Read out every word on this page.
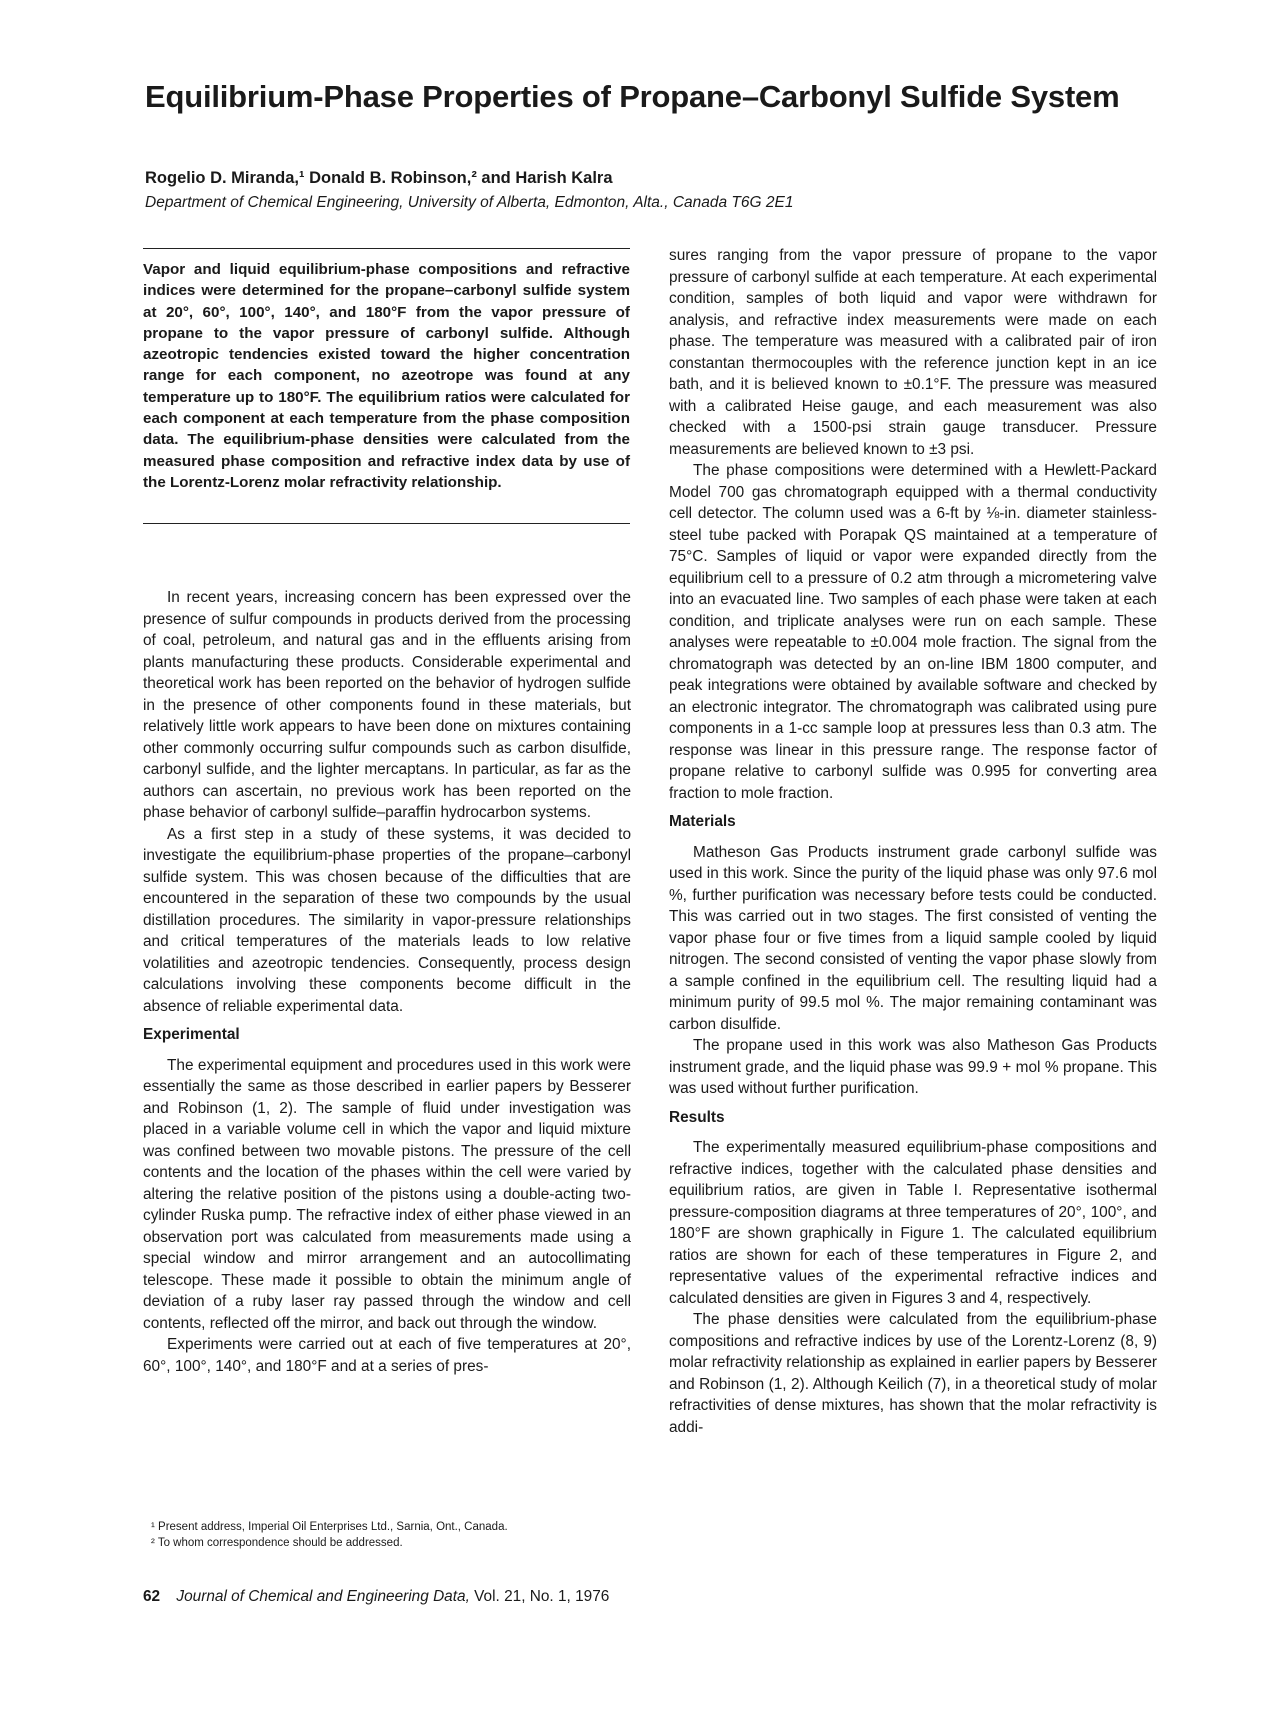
Equilibrium-Phase Properties of Propane–Carbonyl Sulfide System
Rogelio D. Miranda,¹ Donald B. Robinson,² and Harish Kalra
Department of Chemical Engineering, University of Alberta, Edmonton, Alta., Canada T6G 2E1
Vapor and liquid equilibrium-phase compositions and refractive indices were determined for the propane–carbonyl sulfide system at 20°, 60°, 100°, 140°, and 180°F from the vapor pressure of propane to the vapor pressure of carbonyl sulfide. Although azeotropic tendencies existed toward the higher concentration range for each component, no azeotrope was found at any temperature up to 180°F. The equilibrium ratios were calculated for each component at each temperature from the phase composition data. The equilibrium-phase densities were calculated from the measured phase composition and refractive index data by use of the Lorentz-Lorenz molar refractivity relationship.

In recent years, increasing concern has been expressed over the presence of sulfur compounds in products derived from the processing of coal, petroleum, and natural gas and in the effluents arising from plants manufacturing these products. Considerable experimental and theoretical work has been reported on the behavior of hydrogen sulfide in the presence of other components found in these materials, but relatively little work appears to have been done on mixtures containing other commonly occurring sulfur compounds such as carbon disulfide, carbonyl sulfide, and the lighter mercaptans. In particular, as far as the authors can ascertain, no previous work has been reported on the phase behavior of carbonyl sulfide–paraffin hydrocarbon systems.

As a first step in a study of these systems, it was decided to investigate the equilibrium-phase properties of the propane–carbonyl sulfide system. This was chosen because of the difficulties that are encountered in the separation of these two compounds by the usual distillation procedures. The similarity in vapor-pressure relationships and critical temperatures of the materials leads to low relative volatilities and azeotropic tendencies. Consequently, process design calculations involving these components become difficult in the absence of reliable experimental data.

Experimental

The experimental equipment and procedures used in this work were essentially the same as those described in earlier papers by Besserer and Robinson (1, 2). The sample of fluid under investigation was placed in a variable volume cell in which the vapor and liquid mixture was confined between two movable pistons. The pressure of the cell contents and the location of the phases within the cell were varied by altering the relative position of the pistons using a double-acting two-cylinder Ruska pump. The refractive index of either phase viewed in an observation port was calculated from measurements made using a special window and mirror arrangement and an autocollimating telescope. These made it possible to obtain the minimum angle of deviation of a ruby laser ray passed through the window and cell contents, reflected off the mirror, and back out through the window.

Experiments were carried out at each of five temperatures at 20°, 60°, 100°, 140°, and 180°F and at a series of pres-

sures ranging from the vapor pressure of propane to the vapor pressure of carbonyl sulfide at each temperature. At each experimental condition, samples of both liquid and vapor were withdrawn for analysis, and refractive index measurements were made on each phase. The temperature was measured with a calibrated pair of iron constantan thermocouples with the reference junction kept in an ice bath, and it is believed known to ±0.1°F. The pressure was measured with a calibrated Heise gauge, and each measurement was also checked with a 1500-psi strain gauge transducer. Pressure measurements are believed known to ±3 psi.

The phase compositions were determined with a Hewlett-Packard Model 700 gas chromatograph equipped with a thermal conductivity cell detector. The column used was a 6-ft by ⅛-in. diameter stainless-steel tube packed with Porapak QS maintained at a temperature of 75°C. Samples of liquid or vapor were expanded directly from the equilibrium cell to a pressure of 0.2 atm through a micrometering valve into an evacuated line. Two samples of each phase were taken at each condition, and triplicate analyses were run on each sample. These analyses were repeatable to ±0.004 mole fraction. The signal from the chromatograph was detected by an on-line IBM 1800 computer, and peak integrations were obtained by available software and checked by an electronic integrator. The chromatograph was calibrated using pure components in a 1-cc sample loop at pressures less than 0.3 atm. The response was linear in this pressure range. The response factor of propane relative to carbonyl sulfide was 0.995 for converting area fraction to mole fraction.

Materials

Matheson Gas Products instrument grade carbonyl sulfide was used in this work. Since the purity of the liquid phase was only 97.6 mol %, further purification was necessary before tests could be conducted. This was carried out in two stages. The first consisted of venting the vapor phase four or five times from a liquid sample cooled by liquid nitrogen. The second consisted of venting the vapor phase slowly from a sample confined in the equilibrium cell. The resulting liquid had a minimum purity of 99.5 mol %. The major remaining contaminant was carbon disulfide.

The propane used in this work was also Matheson Gas Products instrument grade, and the liquid phase was 99.9 + mol % propane. This was used without further purification.

Results

The experimentally measured equilibrium-phase compositions and refractive indices, together with the calculated phase densities and equilibrium ratios, are given in Table I. Representative isothermal pressure-composition diagrams at three temperatures of 20°, 100°, and 180°F are shown graphically in Figure 1. The calculated equilibrium ratios are shown for each of these temperatures in Figure 2, and representative values of the experimental refractive indices and calculated densities are given in Figures 3 and 4, respectively.

The phase densities were calculated from the equilibrium-phase compositions and refractive indices by use of the Lorentz-Lorenz (8, 9) molar refractivity relationship as explained in earlier papers by Besserer and Robinson (1, 2). Although Keilich (7), in a theoretical study of molar refractivities of dense mixtures, has shown that the molar refractivity is addi-

¹ Present address, Imperial Oil Enterprises Ltd., Sarnia, Ont., Canada.
² To whom correspondence should be addressed.
62 Journal of Chemical and Engineering Data, Vol. 21, No. 1, 1976
